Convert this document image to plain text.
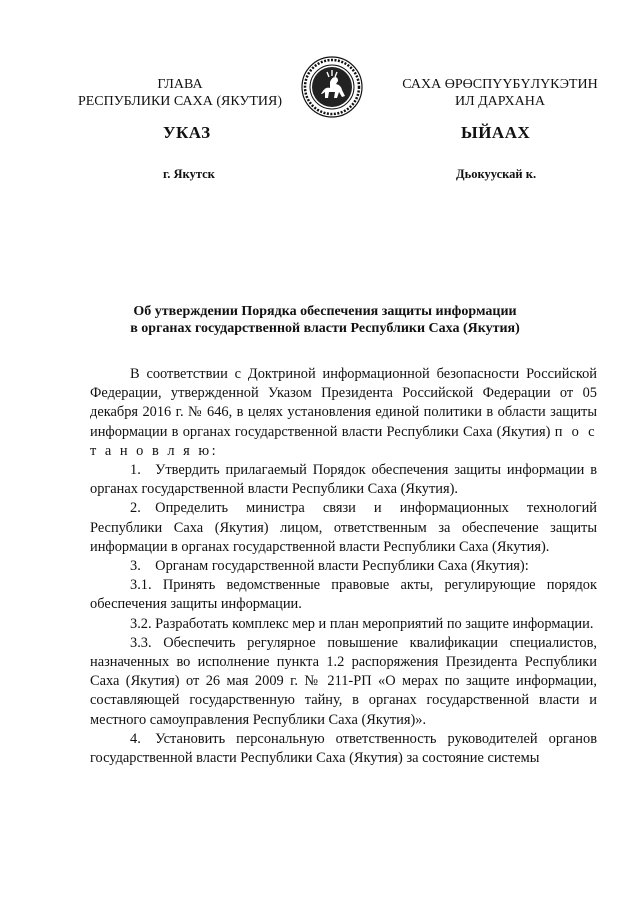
ГЛАВА
РЕСПУБЛИКИ САХА (ЯКУТИЯ)
САХА ӨРӨСПҮҮБҮЛҮКЭТИН
ИЛ ДАРХАНА
УКАЗ	ЫЙААХ
г. Якутск	Дьокуускай к.
Об утверждении Порядка обеспечения защиты информации
в органах государственной власти Республики Саха (Якутия)

В соответствии с Доктриной информационной безопасности Российской Федерации, утвержденной Указом Президента Российской Федерации от 05 декабря 2016 г. № 646, в целях установления единой политики в области защиты информации в органах государственной власти Республики Саха (Якутия) п о с т а н о в л я ю:

1. Утвердить прилагаемый Порядок обеспечения защиты информации в органах государственной власти Республики Саха (Якутия).

2. Определить министра связи и информационных технологий Республики Саха (Якутия) лицом, ответственным за обеспечение защиты информации в органах государственной власти Республики Саха (Якутия).

3. Органам государственной власти Республики Саха (Якутия):

3.1. Принять ведомственные правовые акты, регулирующие порядок обеспечения защиты информации.

3.2. Разработать комплекс мер и план мероприятий по защите информации.

3.3. Обеспечить регулярное повышение квалификации специалистов, назначенных во исполнение пункта 1.2 распоряжения Президента Республики Саха (Якутия) от 26 мая 2009 г. № 211-РП «О мерах по защите информации, составляющей государственную тайну, в органах государственной власти и местного самоуправления Республики Саха (Якутия)».

4. Установить персональную ответственность руководителей органов государственной власти Республики Саха (Якутия) за состояние системы
